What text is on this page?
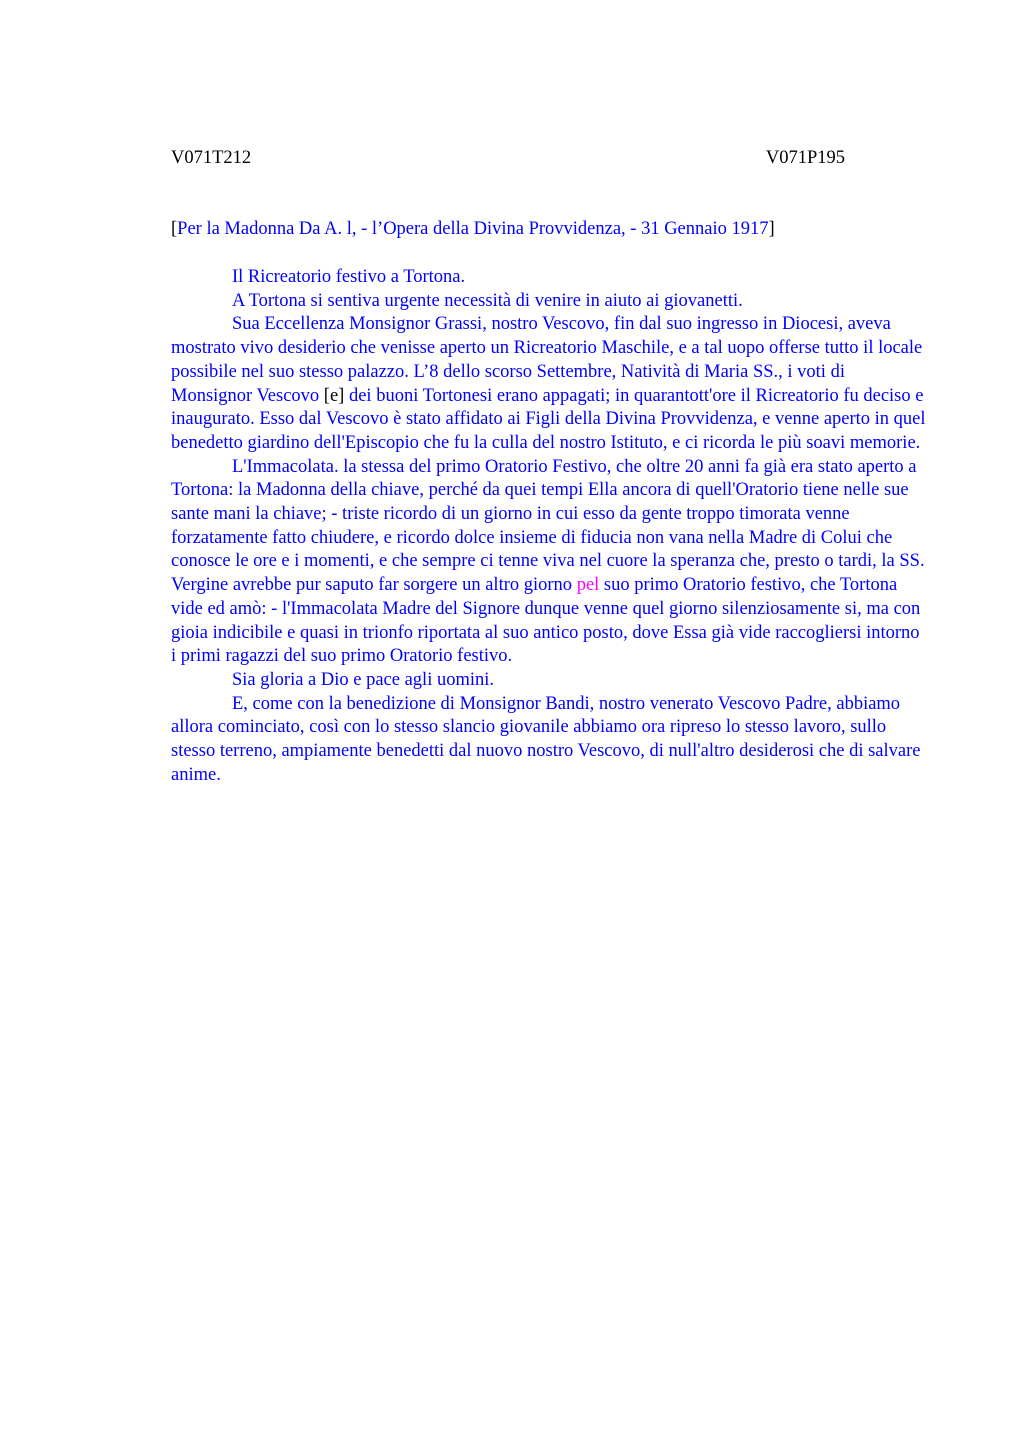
V071T212	V071P195
[Per la Madonna Da A. l, - l’Opera della Divina Provvidenza, - 31 Gennaio 1917]

Il Ricreatorio festivo a Tortona.

A Tortona si sentiva urgente necessità di venire in aiuto ai giovanetti.

Sua Eccellenza Monsignor Grassi, nostro Vescovo, fin dal suo ingresso in Diocesi, aveva mostrato vivo desiderio che venisse aperto un Ricreatorio Maschile, e a tal uopo offerse tutto il locale possibile nel suo stesso palazzo. L’8 dello scorso Settembre, Natività di Maria SS., i voti di Monsignor Vescovo [e] dei buoni Tortonesi erano appagati; in quarantott'ore il Ricreatorio fu deciso e inaugurato. Esso dal Vescovo è stato affidato ai Figli della Divina Provvidenza, e venne aperto in quel benedetto giardino dell'Episcopio che fu la culla del nostro Istituto, e ci ricorda le più soavi memorie.

L'Immacolata. la stessa del primo Oratorio Festivo, che oltre 20 anni fa già era stato aperto a Tortona: la Madonna della chiave, perché da quei tempi Ella ancora di quell'Oratorio tiene nelle sue sante mani la chiave; - triste ricordo di un giorno in cui esso da gente troppo timorata venne forzatamente fatto chiudere, e ricordo dolce insieme di fiducia non vana nella Madre di Colui che conosce le ore e i momenti, e che sempre ci tenne viva nel cuore la speranza che, presto o tardi, la SS. Vergine avrebbe pur saputo far sorgere un altro giorno pel suo primo Oratorio festivo, che Tortona vide ed amò: - l'Immacolata Madre del Signore dunque venne quel giorno silenziosamente si, ma con gioia indicibile e quasi in trionfo riportata al suo antico posto, dove Essa già vide raccogliersi intorno i primi ragazzi del suo primo Oratorio festivo.

Sia gloria a Dio e pace agli uomini.

E, come con la benedizione di Monsignor Bandi, nostro venerato Vescovo Padre, abbiamo allora cominciato, così con lo stesso slancio giovanile abbiamo ora ripreso lo stesso lavoro, sullo stesso terreno, ampiamente benedetti dal nuovo nostro Vescovo, di null'altro desiderosi che di salvare anime.
